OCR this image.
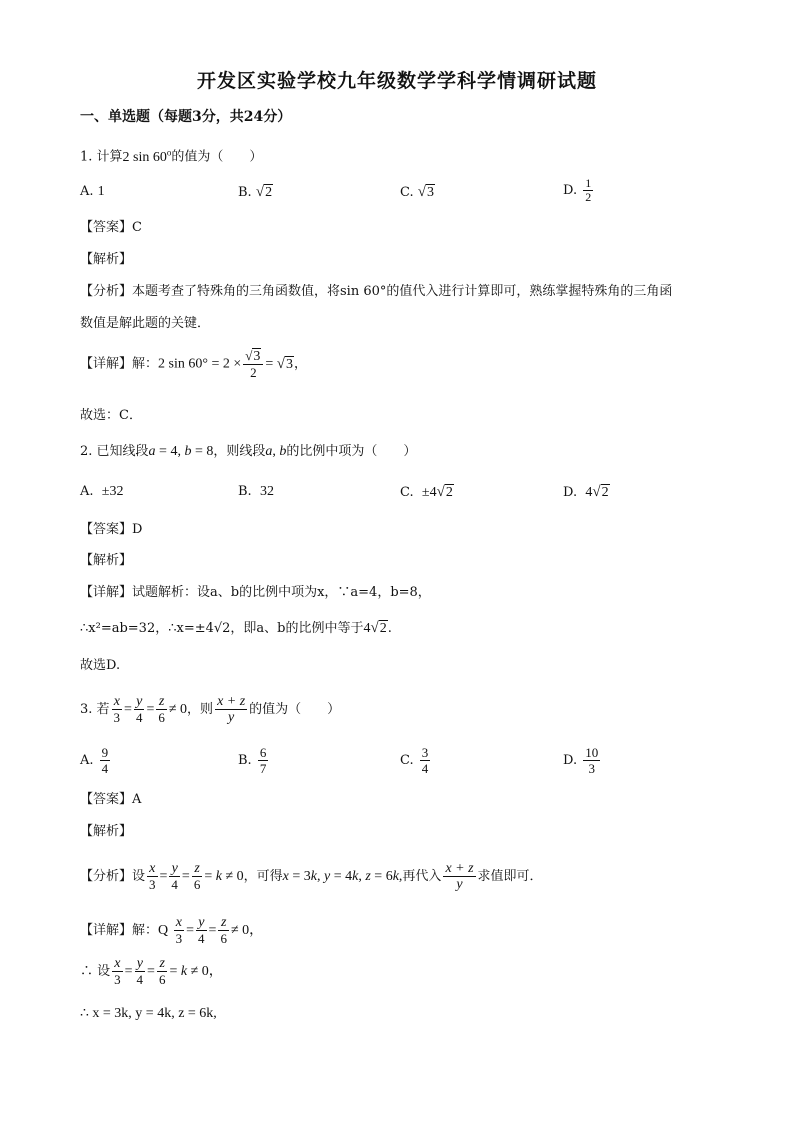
开发区实验学校九年级数学学科学情调研试题
一、单选题（每题3分，共24分）
1. 计算2 sin 60$^o$的值为（　　）
A. 1	B. √2	C. √3	D. $\frac{1}{2}$
【答案】C
【解析】
【分析】本题考查了特殊角的三角函数值，将sin 60°的值代入进行计算即可，熟练掌握特殊角的三角函
数值是解此题的关键．
【详解】解：2 $\sin 60^\circ = 2 \times \frac{√3}{2} = √3$，
故选：C．
2. 已知线段a = 4, b = 8，则线段a, b的比例中项为（　　）
A.  ±32	B.  32	C.  ±4√2	D.  4√2
【答案】D
【解析】
【详解】试题解析：设a、b的比例中项为x，∵a=4，b=8，
∴x²=ab=32，∴x=±4√2，即a、b的比例中等于4√2.
故选D.
3. 若 $\frac{x}{3} = \frac{y}{4} = \frac{z}{6} \ne 0$，则 $\frac{x + z}{y}$ 的值为（　　）
A. $\frac{9}{4}$	B. $\frac{6}{7}$	C. $\frac{3}{4}$	D. $\frac{10}{3}$
【答案】A
【解析】
【分析】设 $\frac{x}{3} = \frac{y}{4} = \frac{z}{6} = k \ne 0$，可得x = 3k, y = 4k, z = 6k,再代入 $\frac{x + z}{y}$ 求值即可．
【详解】解：Q $\frac{x}{3} = \frac{y}{4} = \frac{z}{6} \ne 0$，
∴ 设 $\frac{x}{3} = \frac{y}{4} = \frac{z}{6} = k \ne 0$，
∴ x = 3k, y = 4k, z = 6k,
